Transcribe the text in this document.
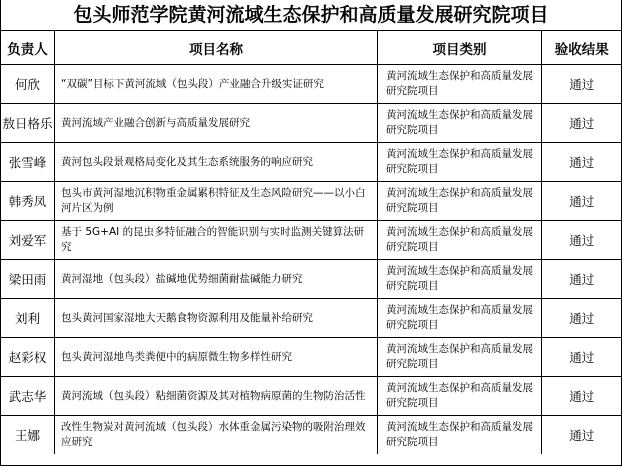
包头师范学院黄河流域生态保护和高质量发展研究院项目
负责人	项目名称	项目类别	验收结果
何欣	“双碳”目标下黄河流域（包头段）产业融合升级实证研究	黄河流域生态保护和高质量发展研究院项目	通过
敖日格乐	黄河流域产业融合创新与高质量发展研究	黄河流域生态保护和高质量发展研究院项目	通过
张雪峰	黄河包头段景观格局变化及其生态系统服务的响应研究	黄河流域生态保护和高质量发展研究院项目	通过
韩秀凤	包头市黄河湿地沉积物重金属累积特征及生态风险研究——以小白河片区为例	黄河流域生态保护和高质量发展研究院项目	通过
刘爱军	基于 5G+AI 的昆虫多特征融合的智能识别与实时监测关键算法研究	黄河流域生态保护和高质量发展研究院项目	通过
梁田雨	黄河湿地（包头段）盐碱地优势细菌耐盐碱能力研究	黄河流域生态保护和高质量发展研究院项目	通过
刘利	包头黄河国家湿地大天鹅食物资源利用及能量补给研究	黄河流域生态保护和高质量发展研究院项目	通过
赵彩权	包头黄河湿地鸟类粪便中的病原微生物多样性研究	黄河流域生态保护和高质量发展研究院项目	通过
武志华	黄河流域（包头段）粘细菌资源及其对植物病原菌的生物防治活性	黄河流域生态保护和高质量发展研究院项目	通过
王娜	改性生物炭对黄河流域（包头段）水体重金属污染物的吸附治理效应研究	黄河流域生态保护和高质量发展研究院项目	通过
